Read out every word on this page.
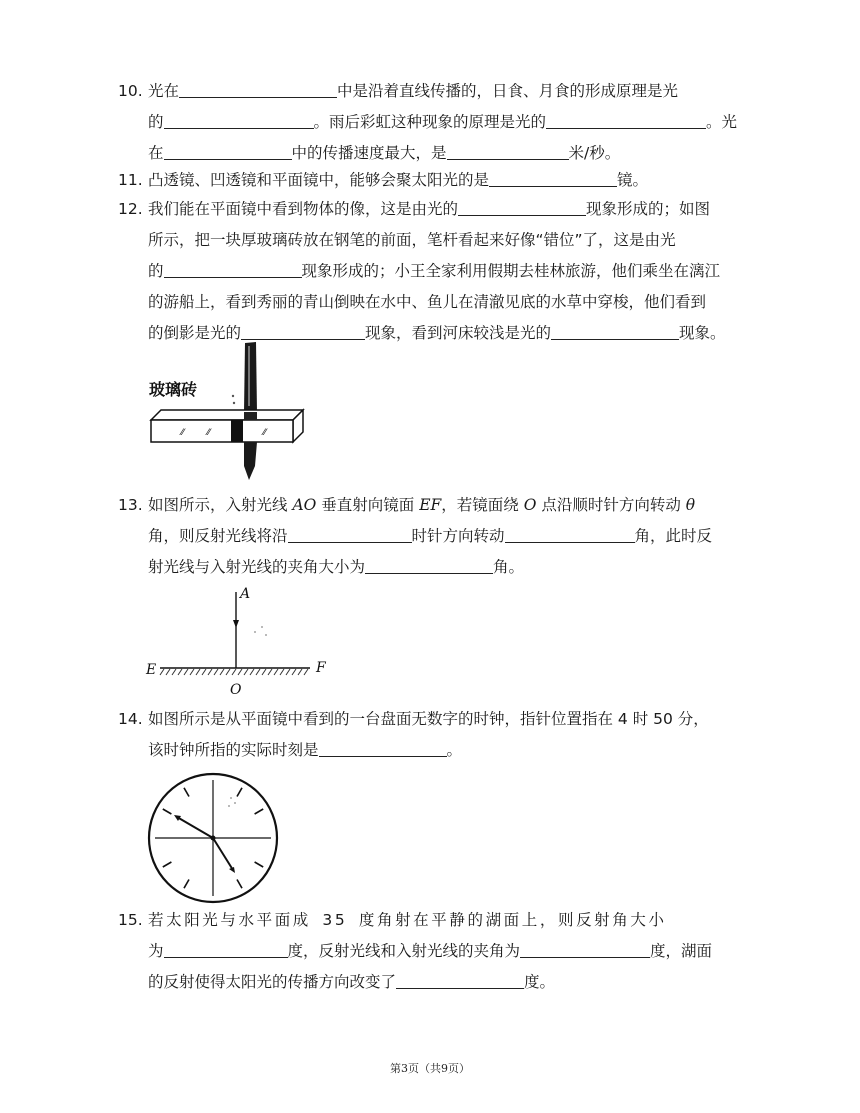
10. 光在	中是沿着直线传播的，日食、月食的形成原理是光
的	。雨后彩虹这种现象的原理是光的	。光
在	中的传播速度最大，是	米/秒。
11. 凸透镜、凹透镜和平面镜中，能够会聚太阳光的是	镜。
12. 我们能在平面镜中看到物体的像，这是由光的	现象形成的；如图
所示，把一块厚玻璃砖放在钢笔的前面，笔杆看起来好像“错位”了，这是由光
的	现象形成的；小王全家利用假期去桂林旅游，他们乘坐在漓江
的游船上，看到秀丽的青山倒映在水中、鱼儿在清澈见底的水草中穿梭，他们看到
的倒影是光的	现象，看到河床较浅是光的	现象。
玻璃砖
⁄⁄	⁄⁄	⁄⁄
13. 如图所示，入射光线 AO 垂直射向镜面 EF，若镜面绕 O 点沿顺时针方向转动 θ
角，则反射光线将沿	时针方向转动	角，此时反
射光线与入射光线的夹角大小为	角。
A
E	F
O
14. 如图所示是从平面镜中看到的一台盘面无数字的时钟，指针位置指在 4 时 50 分，
该时钟所指的实际时刻是	。
15. 若太阳光与水平面成 35 度角射在平静的湖面上，则反射角大小
为	度，反射光线和入射光线的夹角为	度，湖面
的反射使得太阳光的传播方向改变了	度。
第3页（共9页）
